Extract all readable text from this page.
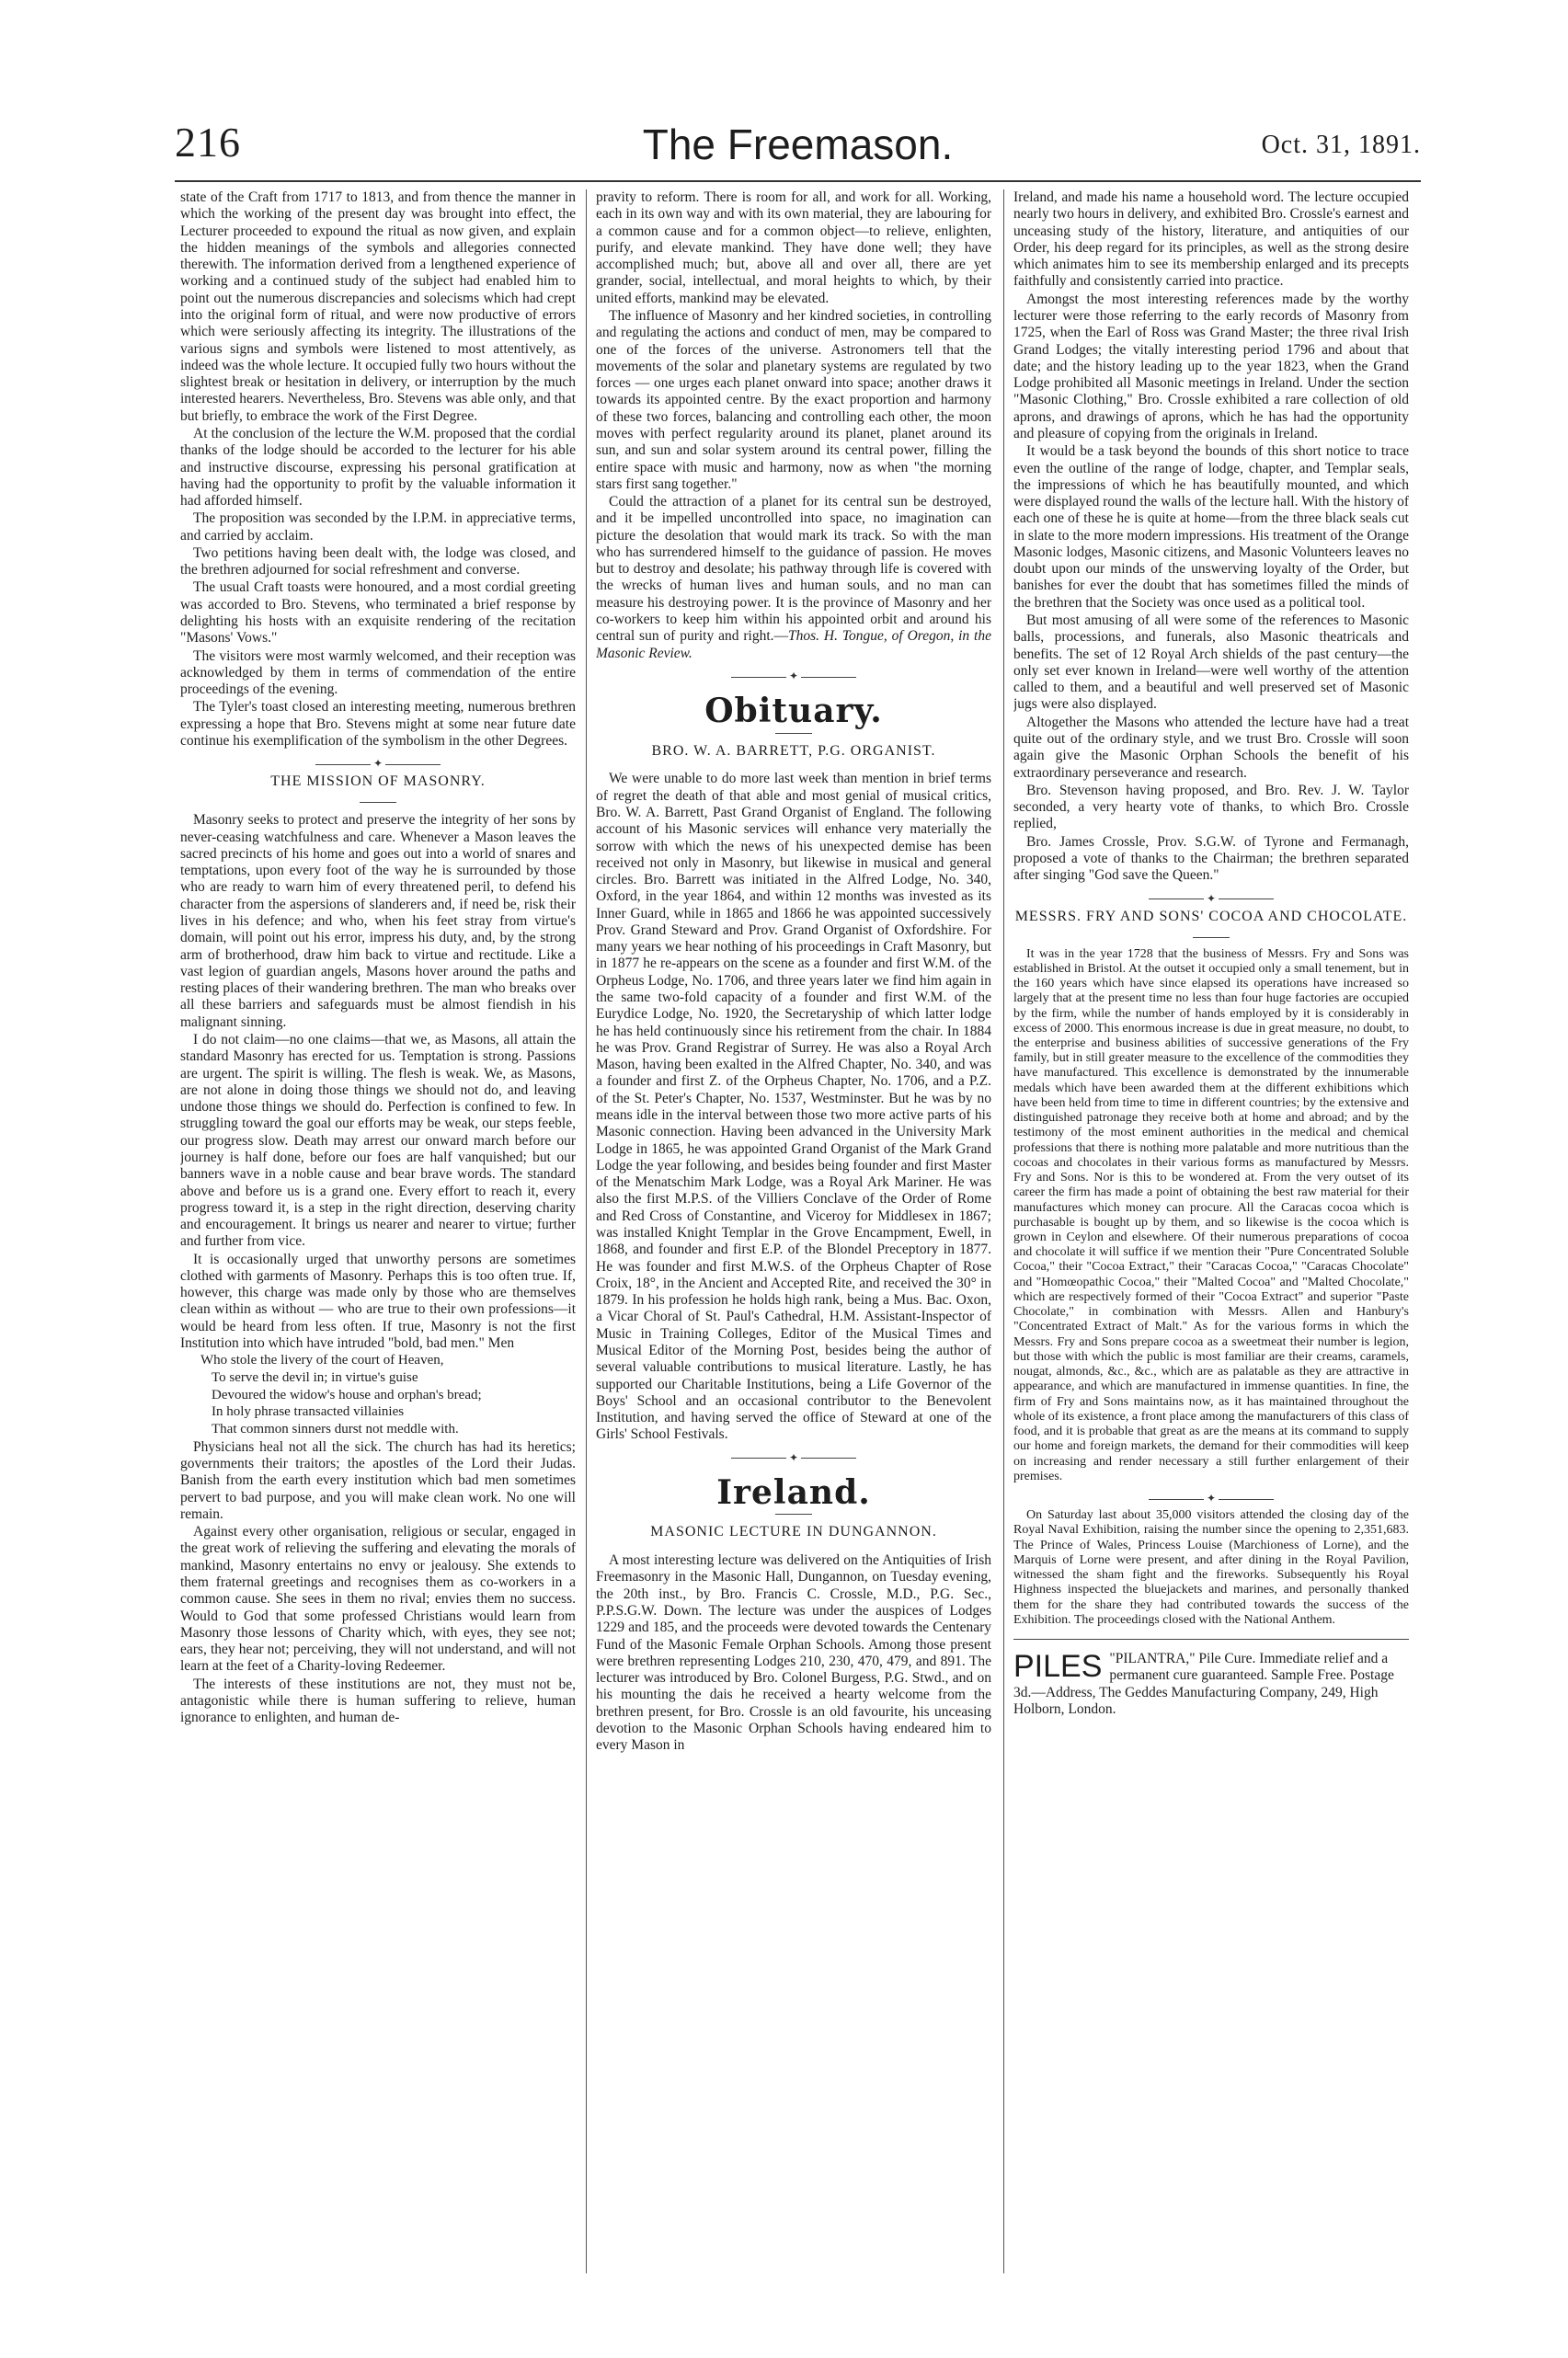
216	The Freemason.	Oct. 31, 1891.

state of the Craft from 1717 to 1813, and from thence the manner in which the working of the present day was brought into effect, the Lecturer proceeded to expound the ritual as now given, and explain the hidden meanings of the symbols and allegories connected therewith. The information derived from a lengthened experience of working and a continued study of the subject had enabled him to point out the numerous discrepancies and solecisms which had crept into the original form of ritual, and were now productive of errors which were seriously affecting its integrity. The illustrations of the various signs and symbols were listened to most attentively, as indeed was the whole lecture. It occupied fully two hours without the slightest break or hesitation in delivery, or interruption by the much interested hearers. Nevertheless, Bro. Stevens was able only, and that but briefly, to embrace the work of the First Degree.

At the conclusion of the lecture the W.M. proposed that the cordial thanks of the lodge should be accorded to the lecturer for his able and instructive discourse, expressing his personal gratification at having had the opportunity to profit by the valuable information it had afforded himself.

The proposition was seconded by the I.P.M. in appreciative terms, and carried by acclaim.

Two petitions having been dealt with, the lodge was closed, and the brethren adjourned for social refreshment and converse.

The usual Craft toasts were honoured, and a most cordial greeting was accorded to Bro. Stevens, who terminated a brief response by delighting his hosts with an exquisite rendering of the recitation "Masons' Vows."

The visitors were most warmly welcomed, and their reception was acknowledged by them in terms of commendation of the entire proceedings of the evening.

The Tyler's toast closed an interesting meeting, numerous brethren expressing a hope that Bro. Stevens might at some near future date continue his exemplification of the symbolism in the other Degrees.

✦
THE MISSION OF MASONRY.

Masonry seeks to protect and preserve the integrity of her sons by never-ceasing watchfulness and care. Whenever a Mason leaves the sacred precincts of his home and goes out into a world of snares and temptations, upon every foot of the way he is surrounded by those who are ready to warn him of every threatened peril, to defend his character from the aspersions of slanderers and, if need be, risk their lives in his defence; and who, when his feet stray from virtue's domain, will point out his error, impress his duty, and, by the strong arm of brotherhood, draw him back to virtue and rectitude. Like a vast legion of guardian angels, Masons hover around the paths and resting places of their wandering brethren. The man who breaks over all these barriers and safeguards must be almost fiendish in his malignant sinning.

I do not claim—no one claims—that we, as Masons, all attain the standard Masonry has erected for us. Temptation is strong. Passions are urgent. The spirit is willing. The flesh is weak. We, as Masons, are not alone in doing those things we should not do, and leaving undone those things we should do. Perfection is confined to few. In struggling toward the goal our efforts may be weak, our steps feeble, our progress slow. Death may arrest our onward march before our journey is half done, before our foes are half vanquished; but our banners wave in a noble cause and bear brave words. The standard above and before us is a grand one. Every effort to reach it, every progress toward it, is a step in the right direction, deserving charity and encouragement. It brings us nearer and nearer to virtue; further and further from vice.

It is occasionally urged that unworthy persons are sometimes clothed with garments of Masonry. Perhaps this is too often true. If, however, this charge was made only by those who are themselves clean within as without — who are true to their own professions—it would be heard from less often. If true, Masonry is not the first Institution into which have intruded "bold, bad men." Men

Who stole the livery of the court of Heaven,

To serve the devil in; in virtue's guise

Devoured the widow's house and orphan's bread;

In holy phrase transacted villainies

That common sinners durst not meddle with.

Physicians heal not all the sick. The church has had its heretics; governments their traitors; the apostles of the Lord their Judas. Banish from the earth every institution which bad men sometimes pervert to bad purpose, and you will make clean work. No one will remain.

Against every other organisation, religious or secular, engaged in the great work of relieving the suffering and elevating the morals of mankind, Masonry entertains no envy or jealousy. She extends to them fraternal greetings and recognises them as co-workers in a common cause. She sees in them no rival; envies them no success. Would to God that some professed Christians would learn from Masonry those lessons of Charity which, with eyes, they see not; ears, they hear not; perceiving, they will not understand, and will not learn at the feet of a Charity-loving Redeemer.

The interests of these institutions are not, they must not be, antagonistic while there is human suffering to relieve, human ignorance to enlighten, and human de-

pravity to reform. There is room for all, and work for all. Working, each in its own way and with its own material, they are labouring for a common cause and for a common object—to relieve, enlighten, purify, and elevate mankind. They have done well; they have accomplished much; but, above all and over all, there are yet grander, social, intellectual, and moral heights to which, by their united efforts, mankind may be elevated.

The influence of Masonry and her kindred societies, in controlling and regulating the actions and conduct of men, may be compared to one of the forces of the universe. Astronomers tell that the movements of the solar and planetary systems are regulated by two forces — one urges each planet onward into space; another draws it towards its appointed centre. By the exact proportion and harmony of these two forces, balancing and controlling each other, the moon moves with perfect regularity around its planet, planet around its sun, and sun and solar system around its central power, filling the entire space with music and harmony, now as when "the morning stars first sang together."

Could the attraction of a planet for its central sun be destroyed, and it be impelled uncontrolled into space, no imagination can picture the desolation that would mark its track. So with the man who has surrendered himself to the guidance of passion. He moves but to destroy and desolate; his pathway through life is covered with the wrecks of human lives and human souls, and no man can measure his destroying power. It is the province of Masonry and her co-workers to keep him within his appointed orbit and around his central sun of purity and right.—Thos. H. Tongue, of Oregon, in the Masonic Review.

✦
Obituary.
BRO. W. A. BARRETT, P.G. ORGANIST.

We were unable to do more last week than mention in brief terms of regret the death of that able and most genial of musical critics, Bro. W. A. Barrett, Past Grand Organist of England. The following account of his Masonic services will enhance very materially the sorrow with which the news of his unexpected demise has been received not only in Masonry, but likewise in musical and general circles. Bro. Barrett was initiated in the Alfred Lodge, No. 340, Oxford, in the year 1864, and within 12 months was invested as its Inner Guard, while in 1865 and 1866 he was appointed successively Prov. Grand Steward and Prov. Grand Organist of Oxfordshire. For many years we hear nothing of his proceedings in Craft Masonry, but in 1877 he re-appears on the scene as a founder and first W.M. of the Orpheus Lodge, No. 1706, and three years later we find him again in the same two-fold capacity of a founder and first W.M. of the Eurydice Lodge, No. 1920, the Secretaryship of which latter lodge he has held continuously since his retirement from the chair. In 1884 he was Prov. Grand Registrar of Surrey. He was also a Royal Arch Mason, having been exalted in the Alfred Chapter, No. 340, and was a founder and first Z. of the Orpheus Chapter, No. 1706, and a P.Z. of the St. Peter's Chapter, No. 1537, Westminster. But he was by no means idle in the interval between those two more active parts of his Masonic connection. Having been advanced in the University Mark Lodge in 1865, he was appointed Grand Organist of the Mark Grand Lodge the year following, and besides being founder and first Master of the Menatschim Mark Lodge, was a Royal Ark Mariner. He was also the first M.P.S. of the Villiers Conclave of the Order of Rome and Red Cross of Constantine, and Viceroy for Middlesex in 1867; was installed Knight Templar in the Grove Encampment, Ewell, in 1868, and founder and first E.P. of the Blondel Preceptory in 1877. He was founder and first M.W.S. of the Orpheus Chapter of Rose Croix, 18°, in the Ancient and Accepted Rite, and received the 30° in 1879. In his profession he holds high rank, being a Mus. Bac. Oxon, a Vicar Choral of St. Paul's Cathedral, H.M. Assistant-Inspector of Music in Training Colleges, Editor of the Musical Times and Musical Editor of the Morning Post, besides being the author of several valuable contributions to musical literature. Lastly, he has supported our Charitable Institutions, being a Life Governor of the Boys' School and an occasional contributor to the Benevolent Institution, and having served the office of Steward at one of the Girls' School Festivals.

✦
Ireland.
MASONIC LECTURE IN DUNGANNON.

A most interesting lecture was delivered on the Antiquities of Irish Freemasonry in the Masonic Hall, Dungannon, on Tuesday evening, the 20th inst., by Bro. Francis C. Crossle, M.D., P.G. Sec., P.P.S.G.W. Down. The lecture was under the auspices of Lodges 1229 and 185, and the proceeds were devoted towards the Centenary Fund of the Masonic Female Orphan Schools. Among those present were brethren representing Lodges 210, 230, 470, 479, and 891. The lecturer was introduced by Bro. Colonel Burgess, P.G. Stwd., and on his mounting the dais he received a hearty welcome from the brethren present, for Bro. Crossle is an old favourite, his unceasing devotion to the Masonic Orphan Schools having endeared him to every Mason in

Ireland, and made his name a household word. The lecture occupied nearly two hours in delivery, and exhibited Bro. Crossle's earnest and unceasing study of the history, literature, and antiquities of our Order, his deep regard for its principles, as well as the strong desire which animates him to see its membership enlarged and its precepts faithfully and consistently carried into practice.

Amongst the most interesting references made by the worthy lecturer were those referring to the early records of Masonry from 1725, when the Earl of Ross was Grand Master; the three rival Irish Grand Lodges; the vitally interesting period 1796 and about that date; and the history leading up to the year 1823, when the Grand Lodge prohibited all Masonic meetings in Ireland. Under the section "Masonic Clothing," Bro. Crossle exhibited a rare collection of old aprons, and drawings of aprons, which he has had the opportunity and pleasure of copying from the originals in Ireland.

It would be a task beyond the bounds of this short notice to trace even the outline of the range of lodge, chapter, and Templar seals, the impressions of which he has beautifully mounted, and which were displayed round the walls of the lecture hall. With the history of each one of these he is quite at home—from the three black seals cut in slate to the more modern impressions. His treatment of the Orange Masonic lodges, Masonic citizens, and Masonic Volunteers leaves no doubt upon our minds of the unswerving loyalty of the Order, but banishes for ever the doubt that has sometimes filled the minds of the brethren that the Society was once used as a political tool.

But most amusing of all were some of the references to Masonic balls, processions, and funerals, also Masonic theatricals and benefits. The set of 12 Royal Arch shields of the past century—the only set ever known in Ireland—were well worthy of the attention called to them, and a beautiful and well preserved set of Masonic jugs were also displayed.

Altogether the Masons who attended the lecture have had a treat quite out of the ordinary style, and we trust Bro. Crossle will soon again give the Masonic Orphan Schools the benefit of his extraordinary perseverance and research.

Bro. Stevenson having proposed, and Bro. Rev. J. W. Taylor seconded, a very hearty vote of thanks, to which Bro. Crossle replied,

Bro. James Crossle, Prov. S.G.W. of Tyrone and Fermanagh, proposed a vote of thanks to the Chairman; the brethren separated after singing "God save the Queen."

✦
MESSRS. FRY AND SONS' COCOA AND CHOCOLATE.

It was in the year 1728 that the business of Messrs. Fry and Sons was established in Bristol. At the outset it occupied only a small tenement, but in the 160 years which have since elapsed its operations have increased so largely that at the present time no less than four huge factories are occupied by the firm, while the number of hands employed by it is considerably in excess of 2000. This enormous increase is due in great measure, no doubt, to the enterprise and business abilities of successive generations of the Fry family, but in still greater measure to the excellence of the commodities they have manufactured. This excellence is demonstrated by the innumerable medals which have been awarded them at the different exhibitions which have been held from time to time in different countries; by the extensive and distinguished patronage they receive both at home and abroad; and by the testimony of the most eminent authorities in the medical and chemical professions that there is nothing more palatable and more nutritious than the cocoas and chocolates in their various forms as manufactured by Messrs. Fry and Sons. Nor is this to be wondered at. From the very outset of its career the firm has made a point of obtaining the best raw material for their manufactures which money can procure. All the Caracas cocoa which is purchasable is bought up by them, and so likewise is the cocoa which is grown in Ceylon and elsewhere. Of their numerous preparations of cocoa and chocolate it will suffice if we mention their "Pure Concentrated Soluble Cocoa," their "Cocoa Extract," their "Caracas Cocoa," "Caracas Chocolate" and "Homœopathic Cocoa," their "Malted Cocoa" and "Malted Chocolate," which are respectively formed of their "Cocoa Extract" and superior "Paste Chocolate," in combination with Messrs. Allen and Hanbury's "Concentrated Extract of Malt." As for the various forms in which the Messrs. Fry and Sons prepare cocoa as a sweetmeat their number is legion, but those with which the public is most familiar are their creams, caramels, nougat, almonds, &c., &c., which are as palatable as they are attractive in appearance, and which are manufactured in immense quantities. In fine, the firm of Fry and Sons maintains now, as it has maintained throughout the whole of its existence, a front place among the manufacturers of this class of food, and it is probable that great as are the means at its command to supply our home and foreign markets, the demand for their commodities will keep on increasing and render necessary a still further enlargement of their premises.

✦

On Saturday last about 35,000 visitors attended the closing day of the Royal Naval Exhibition, raising the number since the opening to 2,351,683. The Prince of Wales, Princess Louise (Marchioness of Lorne), and the Marquis of Lorne were present, and after dining in the Royal Pavilion, witnessed the sham fight and the fireworks. Subsequently his Royal Highness inspected the bluejackets and marines, and personally thanked them for the share they had contributed towards the success of the Exhibition. The proceedings closed with the National Anthem.

PILES "PILANTRA," Pile Cure. Immediate relief and a permanent cure guaranteed. Sample Free. Postage 3d.—Address, The Geddes Manufacturing Company, 249, High Holborn, London.
